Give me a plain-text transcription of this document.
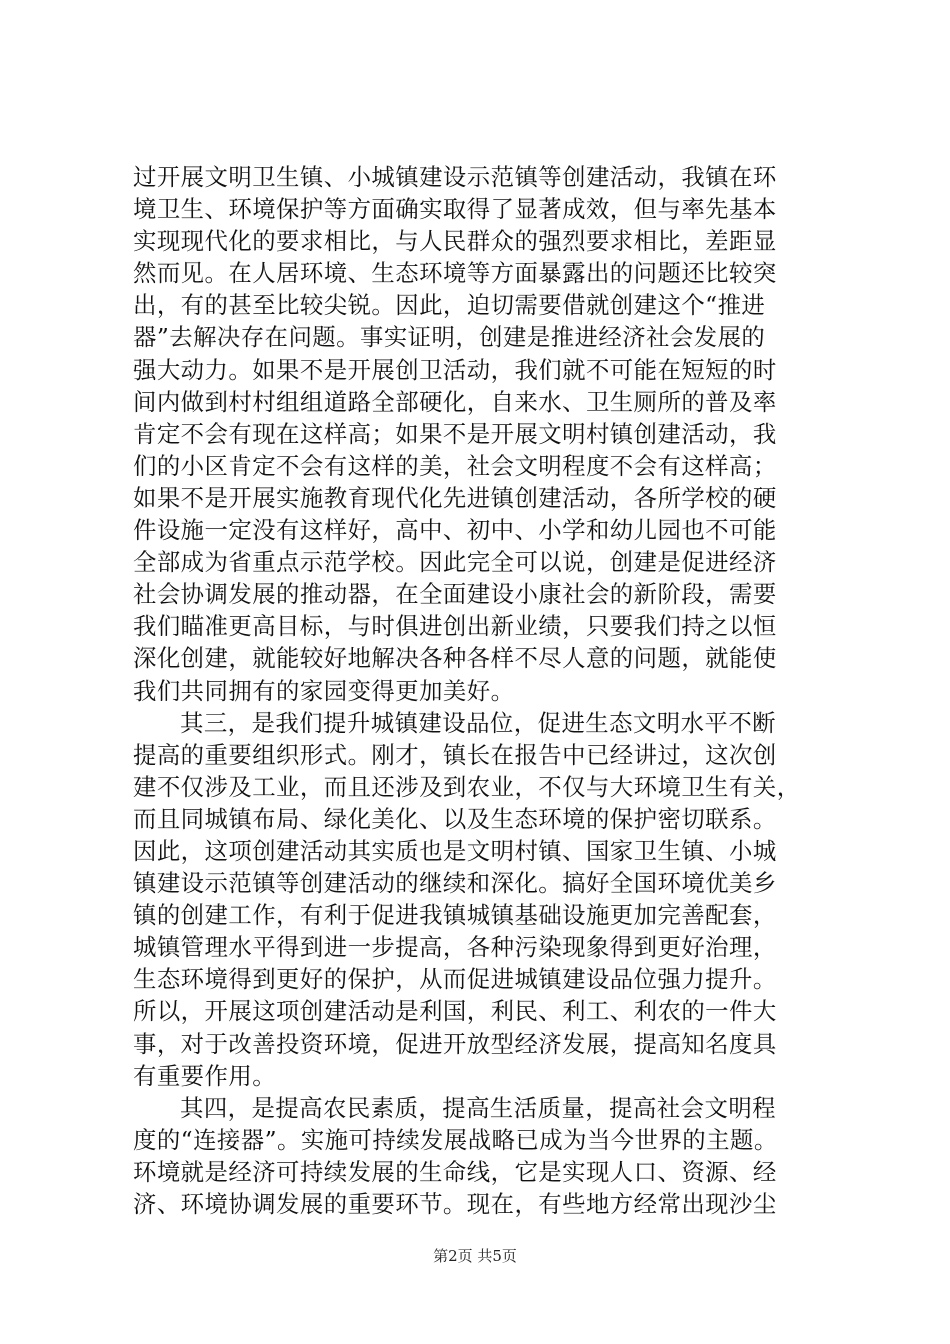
过开展文明卫生镇、小城镇建设示范镇等创建活动，我镇在环
境卫生、环境保护等方面确实取得了显著成效，但与率先基本
实现现代化的要求相比，与人民群众的强烈要求相比，差距显
然而见。在人居环境、生态环境等方面暴露出的问题还比较突
出，有的甚至比较尖锐。因此，迫切需要借就创建这个“推进
器”去解决存在问题。事实证明，创建是推进经济社会发展的
强大动力。如果不是开展创卫活动，我们就不可能在短短的时
间内做到村村组组道路全部硬化，自来水、卫生厕所的普及率
肯定不会有现在这样高；如果不是开展文明村镇创建活动，我
们的小区肯定不会有这样的美，社会文明程度不会有这样高；
如果不是开展实施教育现代化先进镇创建活动，各所学校的硬
件设施一定没有这样好，高中、初中、小学和幼儿园也不可能
全部成为省重点示范学校。因此完全可以说，创建是促进经济
社会协调发展的推动器，在全面建设小康社会的新阶段，需要
我们瞄准更高目标，与时俱进创出新业绩，只要我们持之以恒
深化创建，就能较好地解决各种各样不尽人意的问题，就能使
我们共同拥有的家园变得更加美好。
其三，是我们提升城镇建设品位，促进生态文明水平不断
提高的重要组织形式。刚才，镇长在报告中已经讲过，这次创
建不仅涉及工业，而且还涉及到农业，不仅与大环境卫生有关，
而且同城镇布局、绿化美化、以及生态环境的保护密切联系。
因此，这项创建活动其实质也是文明村镇、国家卫生镇、小城
镇建设示范镇等创建活动的继续和深化。搞好全国环境优美乡
镇的创建工作，有利于促进我镇城镇基础设施更加完善配套，
城镇管理水平得到进一步提高，各种污染现象得到更好治理，
生态环境得到更好的保护，从而促进城镇建设品位强力提升。
所以，开展这项创建活动是利国，利民、利工、利农的一件大
事，对于改善投资环境，促进开放型经济发展，提高知名度具
有重要作用。
其四，是提高农民素质，提高生活质量，提高社会文明程
度的“连接器”。实施可持续发展战略已成为当今世界的主题。
环境就是经济可持续发展的生命线，它是实现人口、资源、经
济、环境协调发展的重要环节。现在，有些地方经常出现沙尘
第2页 共5页
